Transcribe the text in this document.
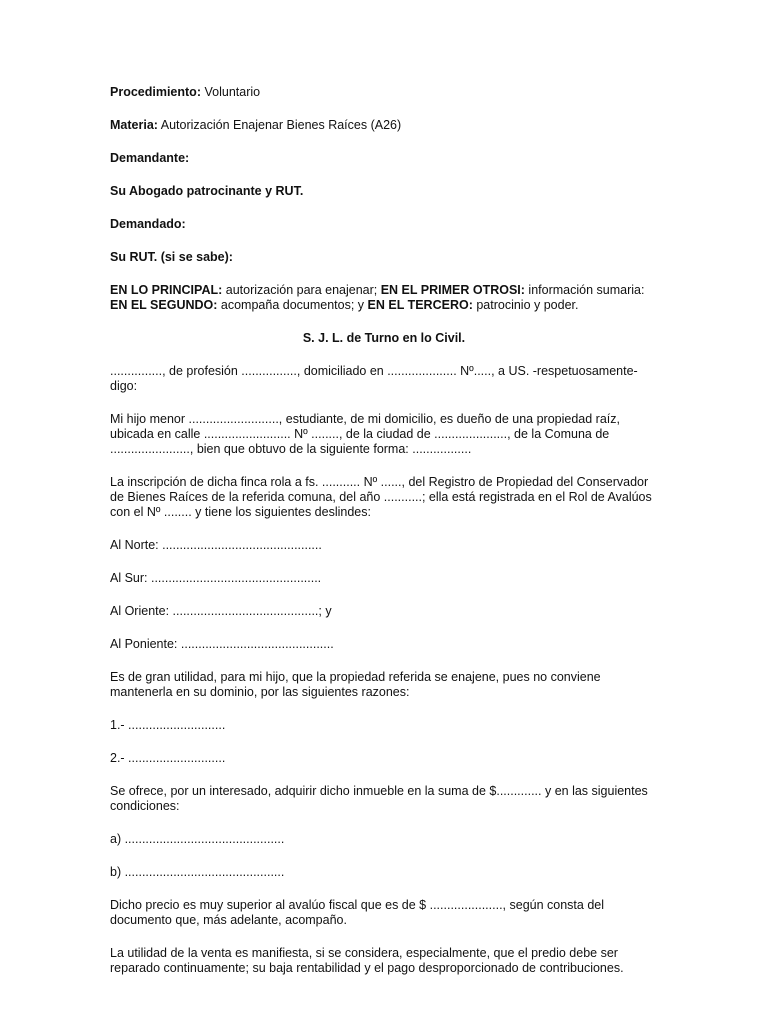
Procedimiento: Voluntario

Materia: Autorización Enajenar Bienes Raíces (A26)

Demandante:

Su Abogado patrocinante y RUT.

Demandado:

Su RUT. (si se sabe):

EN LO PRINCIPAL: autorización para enajenar; EN EL PRIMER OTROSI: información sumaria: EN EL SEGUNDO: acompaña documentos; y EN EL TERCERO: patrocinio y poder.

S. J. L. de Turno en lo Civil.

..............., de profesión ................, domiciliado en .................... Nº....., a US. -respetuosamente-digo:

Mi hijo menor .........................., estudiante, de mi domicilio, es dueño de una propiedad raíz, ubicada en calle ......................... Nº ........, de la ciudad de ....................., de la Comuna de ......................., bien que obtuvo de la siguiente forma: .................

La inscripción de dicha finca rola a fs. ........... Nº ......, del Registro de Propiedad del Conservador de Bienes Raíces de la referida comuna, del año ...........; ella está registrada en el Rol de Avalúos con el Nº ........ y tiene los siguientes deslindes:

Al Norte: ..............................................

Al Sur: .................................................

Al Oriente: ..........................................; y

Al Poniente: ............................................

Es de gran utilidad, para mi hijo, que la propiedad referida se enajene, pues no conviene mantenerla en su dominio, por las siguientes razones:

1.- ............................

2.- ............................

Se ofrece, por un interesado, adquirir dicho inmueble en la suma de $............. y en las siguientes condiciones:

a) ..............................................

b) ..............................................

Dicho precio es muy superior al avalúo fiscal que es de $ ....................., según consta del documento que, más adelante, acompaño.

La utilidad de la venta es manifiesta, si se considera, especialmente, que el predio debe ser reparado continuamente; su baja rentabilidad y el pago desproporcionado de contribuciones.
